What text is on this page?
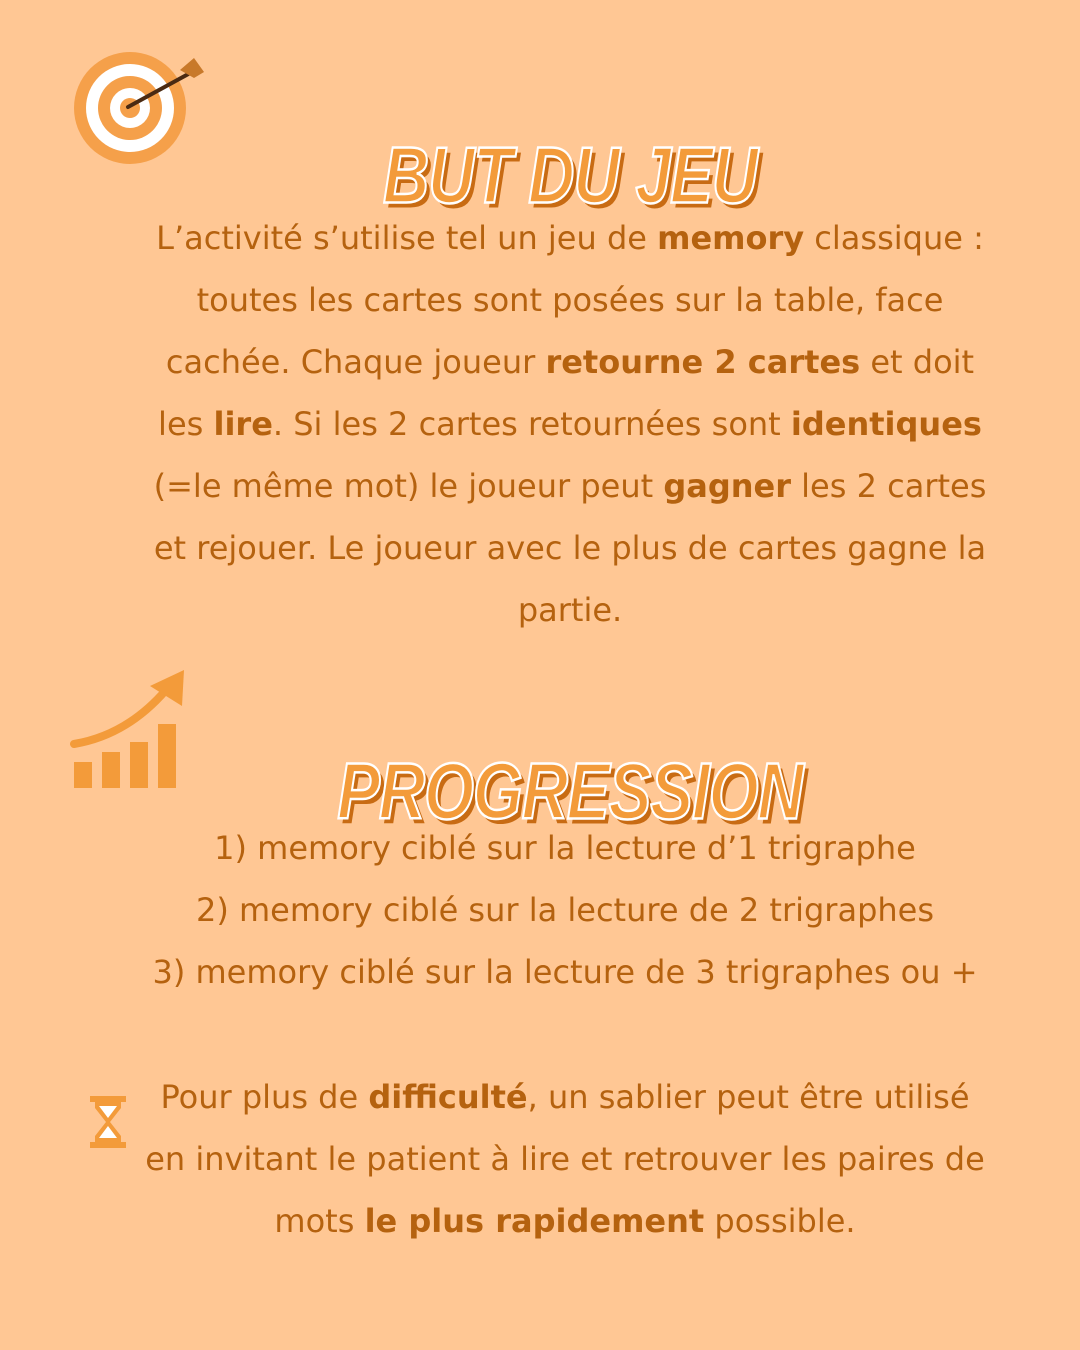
BUT DU JEU
L’activité s’utilise tel un jeu de memory classique : toutes les cartes sont posées sur la table, face cachée. Chaque joueur retourne 2 cartes et doit les lire. Si les 2 cartes retournées sont identiques (=le même mot) le joueur peut gagner les 2 cartes et rejouer. Le joueur avec le plus de cartes gagne la partie.
PROGRESSION
1) memory ciblé sur la lecture d’1 trigraphe
2) memory ciblé sur la lecture de 2 trigraphes
3) memory ciblé sur la lecture de 3 trigraphes ou +
Pour plus de difficulté, un sablier peut être utilisé en invitant le patient à lire et retrouver les paires de mots le plus rapidement possible.
